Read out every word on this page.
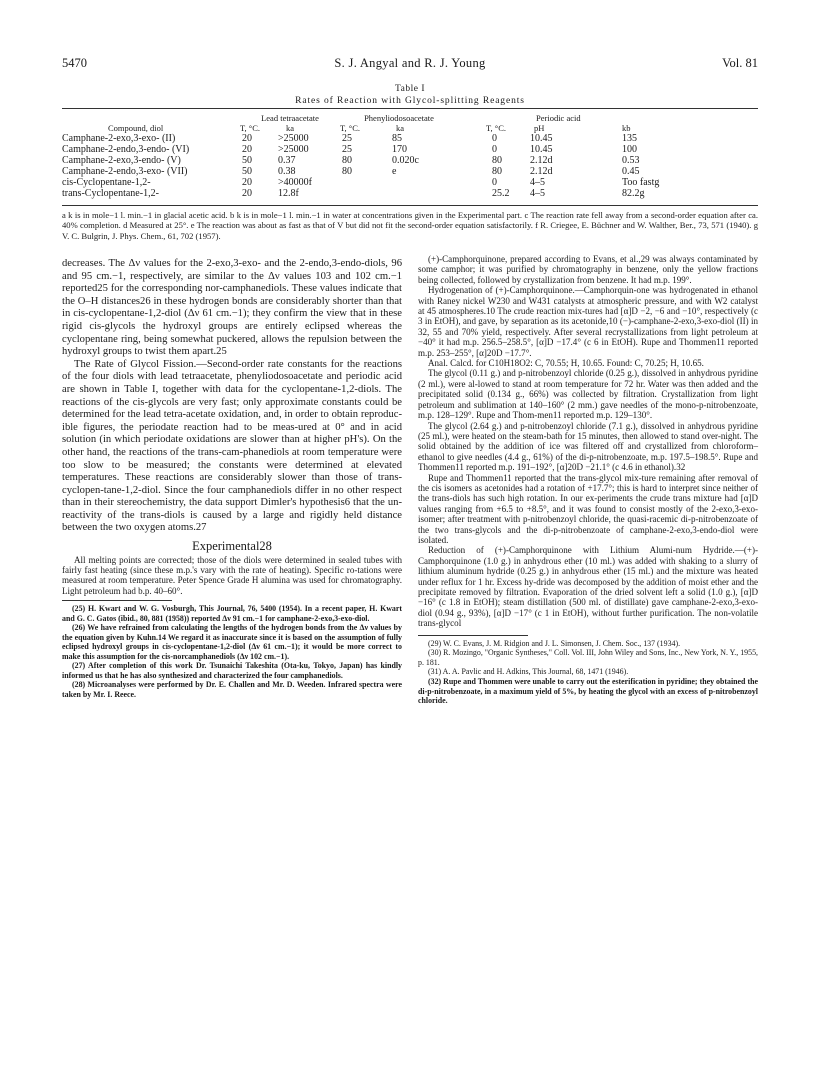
5470	S. J. Angyal and R. J. Young	Vol. 81
Table I
Rates of Reaction with Glycol-splitting Reagents
	Lead tetraacetate		Phenyliodosoacetate		Periodic acid		
Compound, diol	T, °C.	ka	T, °C.	ka	T, °C.	pH	kb
Camphane-2-exo,3-exo- (II)	20	>25000	25	85	0	10.45	135
Camphane-2-endo,3-endo- (VI)	20	>25000	25	170	0	10.45	100
Camphane-2-exo,3-endo- (V)	50	0.37	80	0.020c	80	2.12d	0.53
Camphane-2-endo,3-exo- (VII)	50	0.38	80	e	80	2.12d	0.45
cis-Cyclopentane-1,2-	20	>40000f			0	4–5	Too fastg
trans-Cyclopentane-1,2-	20	12.8f			25.2	4–5	82.2g
a k is in mole−1 l. min.−1 in glacial acetic acid. b k is in mole−1 l. min.−1 in water at concentrations given in the Experimental part. c The reaction rate fell away from a second-order equation after ca. 40% completion. d Measured at 25°. e The reaction was about as fast as that of V but did not fit the second-order equation satisfactorily. f R. Criegee, E. Büchner and W. Walther, Ber., 73, 571 (1940). g V. C. Bulgrin, J. Phys. Chem., 61, 702 (1957).

decreases. The Δν values for the 2-exo,3-exo- and the 2-endo,3-endo-diols, 96 and 95 cm.−1, respectively, are similar to the Δν values 103 and 102 cm.−1 reported25 for the corresponding nor-camphanediols. These values indicate that the O–H distances26 in these hydrogen bonds are considerably shorter than that in cis-cyclopentane-1,2-diol (Δν 61 cm.−1); they confirm the view that in these rigid cis-glycols the hydroxyl groups are entirely eclipsed whereas the cyclopentane ring, being somewhat puckered, allows the repulsion between the hydroxyl groups to twist them apart.25

The Rate of Glycol Fission.—Second-order rate constants for the reactions of the four diols with lead tetraacetate, phenyliodosoacetate and periodic acid are shown in Table I, together with data for the cyclopentane-1,2-diols. The reactions of the cis-glycols are very fast; only approximate constants could be determined for the lead tetra-acetate oxidation, and, in order to obtain reproduc-ible figures, the periodate reaction had to be meas-ured at 0° and in acid solution (in which periodate oxidations are slower than at higher pH's). On the other hand, the reactions of the trans-cam-phanediols at room temperature were too slow to be measured; the constants were determined at elevated temperatures. These reactions are considerably slower than those of trans-cyclopen-tane-1,2-diol. Since the four camphanediols differ in no other respect than in their stereochemistry, the data support Dimler's hypothesis6 that the un-reactivity of the trans-diols is caused by a large and rigidly held distance between the two oxygen atoms.27

Experimental28

All melting points are corrected; those of the diols were determined in sealed tubes with fairly fast heating (since these m.p.'s vary with the rate of heating). Specific ro-tations were measured at room temperature. Peter Spence Grade H alumina was used for chromatography. Light petroleum had b.p. 40–60°.

(25) H. Kwart and W. G. Vosburgh, This Journal, 76, 5400 (1954). In a recent paper, H. Kwart and G. C. Gatos (ibid., 80, 881 (1958)) reported Δν 91 cm.−1 for camphane-2-exo,3-exo-diol.

(26) We have refrained from calculating the lengths of the hydrogen bonds from the Δν values by the equation given by Kuhn.14 We regard it as inaccurate since it is based on the assumption of fully eclipsed hydroxyl groups in cis-cyclopentane-1,2-diol (Δν 61 cm.−1); it would be more correct to make this assumption for the cis-norcamphanediols (Δν 102 cm.−1).

(27) After completion of this work Dr. Tsunaichi Takeshita (Ota-ku, Tokyo, Japan) has kindly informed us that he has also synthesized and characterized the four camphanediols.

(28) Microanalyses were performed by Dr. E. Challen and Mr. D. Weeden. Infrared spectra were taken by Mr. I. Reece.

(+)-Camphorquinone, prepared according to Evans, et al.,29 was always contaminated by some camphor; it was purified by chromatography in benzene, only the yellow fractions being collected, followed by crystallization from benzene. It had m.p. 199°.

Hydrogenation of (+)-Camphorquinone.—Camphorquin-one was hydrogenated in ethanol with Raney nickel W230 and W431 catalysts at atmospheric pressure, and with W2 catalyst at 45 atmospheres.10 The crude reaction mix-tures had [α]D −2, −6 and −10°, respectively (c 3 in EtOH), and gave, by separation as its acetonide,10 (−)-camphane-2-exo,3-exo-diol (II) in 32, 55 and 70% yield, respectively. After several recrystallizations from light petroleum at −40° it had m.p. 256.5–258.5°, [α]D −17.4° (c 6 in EtOH). Rupe and Thommen11 reported m.p. 253–255°, [α]20D −17.7°.

Anal. Calcd. for C10H18O2: C, 70.55; H, 10.65. Found: C, 70.25; H, 10.65.

The glycol (0.11 g.) and p-nitrobenzoyl chloride (0.25 g.), dissolved in anhydrous pyridine (2 ml.), were al-lowed to stand at room temperature for 72 hr. Water was then added and the precipitated solid (0.134 g., 66%) was collected by filtration. Crystallization from light petroleum and sublimation at 140–160° (2 mm.) gave needles of the mono-p-nitrobenzoate, m.p. 128–129°. Rupe and Thom-men11 reported m.p. 129–130°.

The glycol (2.64 g.) and p-nitrobenzoyl chloride (7.1 g.), dissolved in anhydrous pyridine (25 ml.), were heated on the steam-bath for 15 minutes, then allowed to stand over-night. The solid obtained by the addition of ice was filtered off and crystallized from chloroform–ethanol to give needles (4.4 g., 61%) of the di-p-nitrobenzoate, m.p. 197.5–198.5°. Rupe and Thommen11 reported m.p. 191–192°, [α]20D −21.1° (c 4.6 in ethanol).32

Rupe and Thommen11 reported that the trans-glycol mix-ture remaining after removal of the cis isomers as acetonides had a rotation of +17.7°; this is hard to interpret since neither of the trans-diols has such high rotation. In our ex-periments the crude trans mixture had [α]D values ranging from +6.5 to +8.5°, and it was found to consist mostly of the 2-exo,3-exo-isomer; after treatment with p-nitrobenzoyl chloride, the quasi-racemic di-p-nitrobenzoate of the two trans-glycols and the di-p-nitrobenzoate of camphane-2-exo,3-endo-diol were isolated.

Reduction of (+)-Camphorquinone with Lithium Alumi-num Hydride.—(+)-Camphorquinone (1.0 g.) in anhydrous ether (10 ml.) was added with shaking to a slurry of lithium aluminum hydride (0.25 g.) in anhydrous ether (15 ml.) and the mixture was heated under reflux for 1 hr. Excess hy-dride was decomposed by the addition of moist ether and the precipitate removed by filtration. Evaporation of the dried solvent left a solid (1.0 g.), [α]D −16° (c 1.8 in EtOH); steam distillation (500 ml. of distillate) gave camphane-2-exo,3-exo-diol (0.94 g., 93%), [α]D −17° (c 1 in EtOH), without further purification. The non-volatile trans-glycol

(29) W. C. Evans, J. M. Ridgion and J. L. Simonsen, J. Chem. Soc., 137 (1934).

(30) R. Mozingo, "Organic Syntheses," Coll. Vol. III, John Wiley and Sons, Inc., New York, N. Y., 1955, p. 181.

(31) A. A. Pavlic and H. Adkins, This Journal, 68, 1471 (1946).

(32) Rupe and Thommen were unable to carry out the esterification in pyridine; they obtained the di-p-nitrobenzoate, in a maximum yield of 5%, by heating the glycol with an excess of p-nitrobenzoyl chloride.
